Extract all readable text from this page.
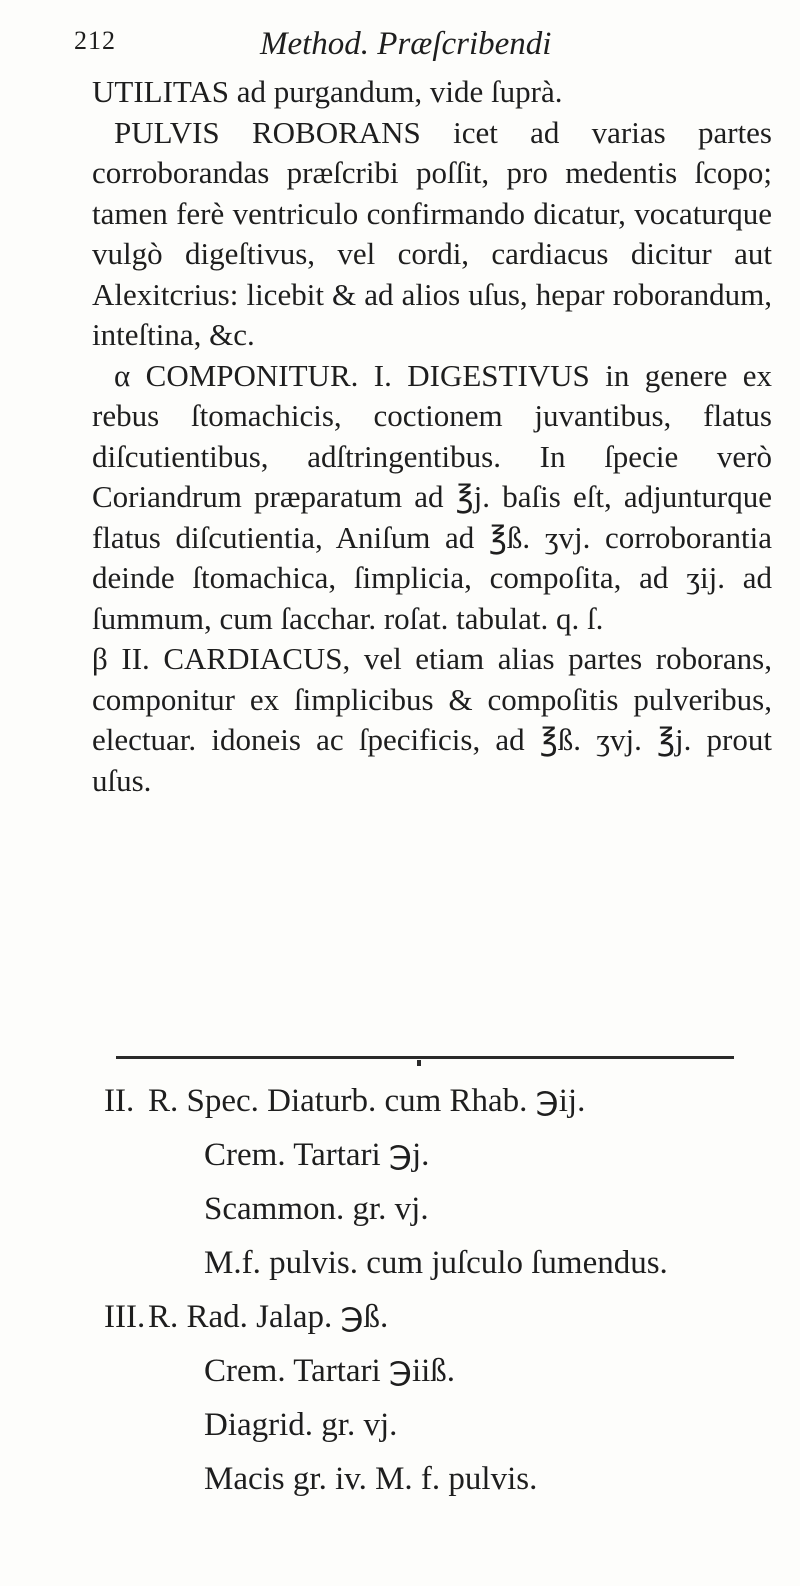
212	Method. Præſcribendi

UTILITAS ad purgandum, vide ſuprà.

PULVIS ROBORANS icet ad varias partes corroborandas præſcribi poſſit, pro medentis ſcopo; tamen ferè ventriculo confirmando dicatur, vocaturque vulgò digeſtivus, vel cordi, cardiacus dicitur aut Alexitcrius: licebit & ad alios uſus, hepar roborandum, inteſtina, &c.

α COMPONITUR. I. DIGESTIVUS in genere ex rebus ſtomachicis, coctionem juvantibus, flatus diſcutientibus, adſtringentibus. In ſpecie verò Coriandrum præparatum ad ℥j. baſis eſt, adjunturque flatus diſcutientia, Aniſum ad ℥ß. ʒvj. corroborantia deinde ſtomachica, ſimplicia, compoſita, ad ʒij. ad ſummum, cum ſacchar. roſat. tabulat. q. ſ.

β II. CARDIACUS, vel etiam alias partes roborans, componitur ex ſimplicibus & compoſitis pulveribus, electuar. idoneis ac ſpecificis, ad ℥ß. ʒvj. ℥j. prout uſus.

II. R. Spec. Diaturb. cum Rhab. ℈ij.
Crem. Tartari ℈j.
Scammon. gr. vj.
M.f. pulvis. cum juſculo ſumendus.
III. R. Rad. Jalap. ℈ß.
Crem. Tartari ℈iiß.
Diagrid. gr. vj.
Macis gr. iv. M. f. pulvis.
